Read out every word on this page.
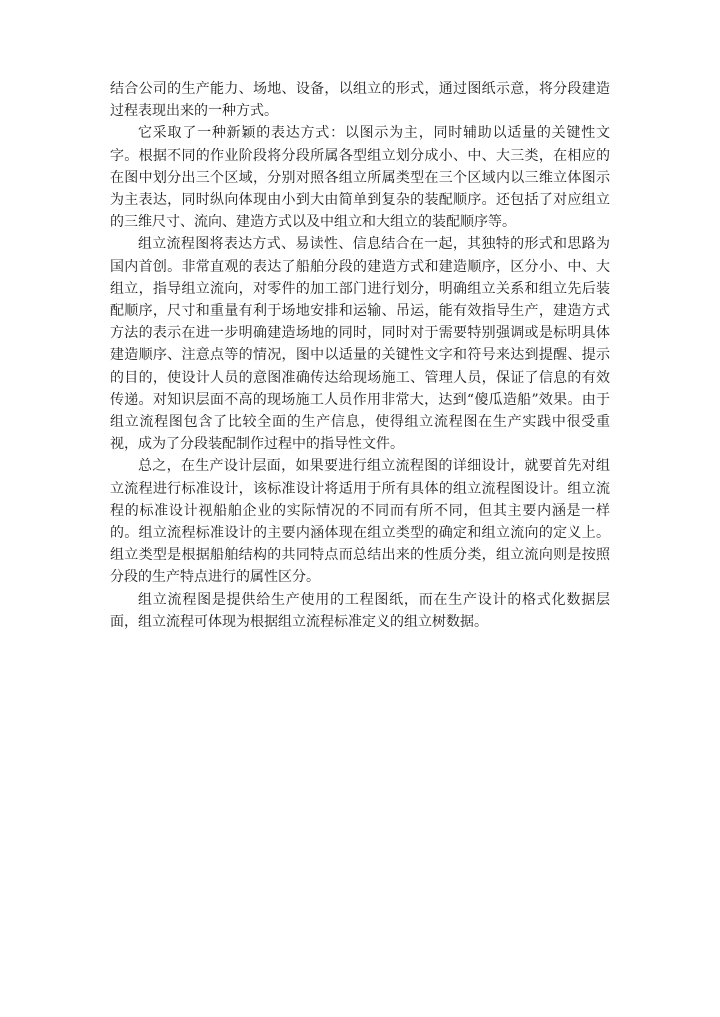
结合公司的生产能力、场地、设备，以组立的形式，通过图纸示意，将分段建造过程表现出来的一种方式。

它采取了一种新颖的表达方式：以图示为主，同时辅助以适量的关键性文字。根据不同的作业阶段将分段所属各型组立划分成小、中、大三类，在相应的在图中划分出三个区域，分别对照各组立所属类型在三个区域内以三维立体图示为主表达，同时纵向体现由小到大由简单到复杂的装配顺序。还包括了对应组立的三维尺寸、流向、建造方式以及中组立和大组立的装配顺序等。

组立流程图将表达方式、易读性、信息结合在一起，其独特的形式和思路为国内首创。非常直观的表达了船舶分段的建造方式和建造顺序，区分小、中、大组立，指导组立流向，对零件的加工部门进行划分，明确组立关系和组立先后装配顺序，尺寸和重量有利于场地安排和运输、吊运，能有效指导生产，建造方式方法的表示在进一步明确建造场地的同时，同时对于需要特别强调或是标明具体建造顺序、注意点等的情况，图中以适量的关键性文字和符号来达到提醒、提示的目的，使设计人员的意图准确传达给现场施工、管理人员，保证了信息的有效传递。对知识层面不高的现场施工人员作用非常大，达到“傻瓜造船”效果。由于组立流程图包含了比较全面的生产信息，使得组立流程图在生产实践中很受重视，成为了分段装配制作过程中的指导性文件。

总之，在生产设计层面，如果要进行组立流程图的详细设计，就要首先对组立流程进行标准设计，该标准设计将适用于所有具体的组立流程图设计。组立流程的标准设计视船舶企业的实际情况的不同而有所不同，但其主要内涵是一样的。组立流程标准设计的主要内涵体现在组立类型的确定和组立流向的定义上。组立类型是根据船舶结构的共同特点而总结出来的性质分类，组立流向则是按照分段的生产特点进行的属性区分。

组立流程图是提供给生产使用的工程图纸，而在生产设计的格式化数据层面，组立流程可体现为根据组立流程标准定义的组立树数据。
